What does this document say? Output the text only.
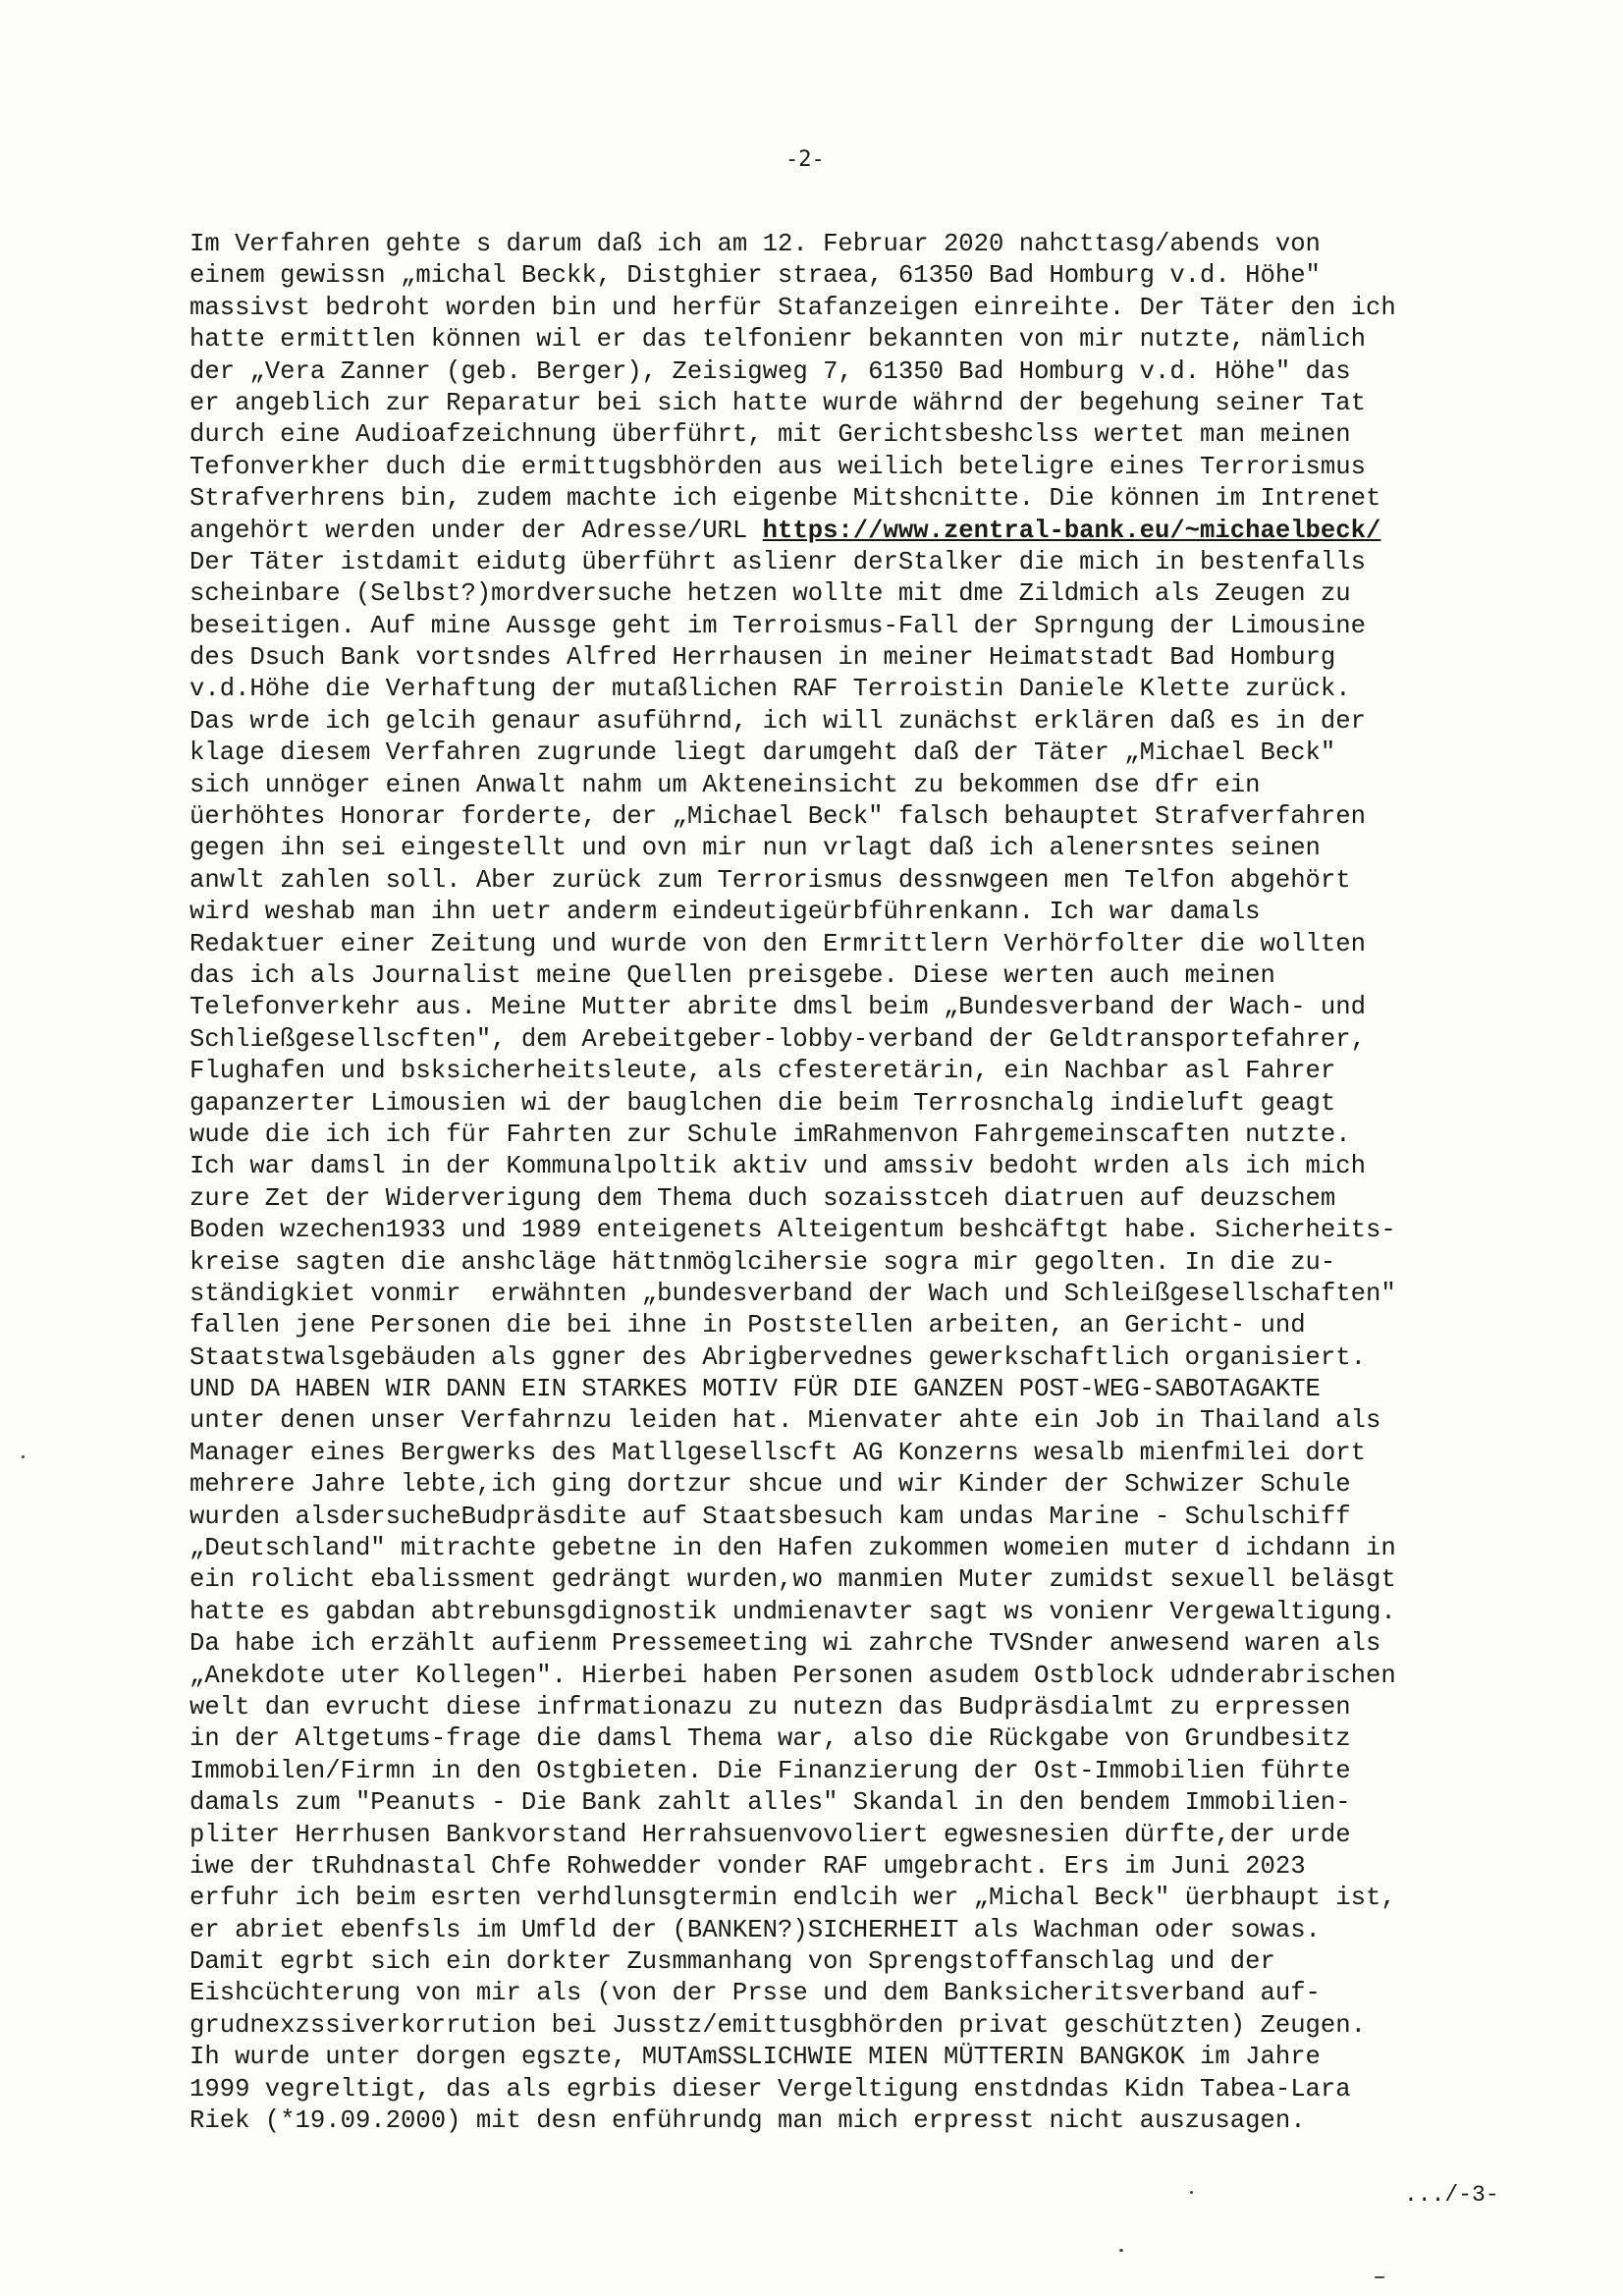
-2-
Im Verfahren gehte s darum daß ich am 12. Februar 2020 nahcttasg/abends von
einem gewissn „michal Beckk, Distghier straea, 61350 Bad Homburg v.d. Höhe"
massivst bedroht worden bin und herfür Stafanzeigen einreihte. Der Täter den ich
hatte ermittlen können wil er das telfonienr bekannten von mir nutzte, nämlich
der „Vera Zanner (geb. Berger), Zeisigweg 7, 61350 Bad Homburg v.d. Höhe" das
er angeblich zur Reparatur bei sich hatte wurde währnd der begehung seiner Tat
durch eine Audioafzeichnung überführt, mit Gerichtsbeshclss wertet man meinen
Tefonverkher duch die ermittugsbhörden aus weilich beteligre eines Terrorismus
Strafverhrens bin, zudem machte ich eigenbe Mitshcnitte. Die können im Intrenet
angehört werden under der Adresse/URL https://www.zentral-bank.eu/~michaelbeck/
Der Täter istdamit eidutg überführt aslienr derStalker die mich in bestenfalls
scheinbare (Selbst?)mordversuche hetzen wollte mit dme Zildmich als Zeugen zu
beseitigen. Auf mine Aussge geht im Terroismus-Fall der Sprngung der Limousine
des Dsuch Bank vortsndes Alfred Herrhausen in meiner Heimatstadt Bad Homburg
v.d.Höhe die Verhaftung der mutaßlichen RAF Terroistin Daniele Klette zurück.
Das wrde ich gelcih genaur asuführnd, ich will zunächst erklären daß es in der
klage diesem Verfahren zugrunde liegt darumgeht daß der Täter „Michael Beck"
sich unnöger einen Anwalt nahm um Akteneinsicht zu bekommen dse dfr ein
üerhöhtes Honorar forderte, der „Michael Beck" falsch behauptet Strafverfahren
gegen ihn sei eingestellt und ovn mir nun vrlagt daß ich alenersntes seinen
anwlt zahlen soll. Aber zurück zum Terrorismus dessnwgeen men Telfon abgehört
wird weshab man ihn uetr anderm eindeutigeürbführenkann. Ich war damals
Redaktuer einer Zeitung und wurde von den Ermrittlern Verhörfolter die wollten
das ich als Journalist meine Quellen preisgebe. Diese werten auch meinen
Telefonverkehr aus. Meine Mutter abrite dmsl beim „Bundesverband der Wach- und
Schließgesellscften", dem Arebeitgeber-lobby-verband der Geldtransportefahrer,
Flughafen und bsksicherheitsleute, als cfesteretärin, ein Nachbar asl Fahrer
gapanzerter Limousien wi der bauglchen die beim Terrosnchalg indieluft geagt
wude die ich ich für Fahrten zur Schule imRahmenvon Fahrgemeinscaften nutzte.
Ich war damsl in der Kommunalpoltik aktiv und amssiv bedoht wrden als ich mich
zure Zet der Widerverigung dem Thema duch sozaisstceh diatruen auf deuzschem
Boden wzechen1933 und 1989 enteigenets Alteigentum beshcäftgt habe. Sicherheits-
kreise sagten die anshcläge hättnmöglcihersie sogra mir gegolten. In die zu-
ständigkiet vonmir  erwähnten „bundesverband der Wach und Schleißgesellschaften"
fallen jene Personen die bei ihne in Poststellen arbeiten, an Gericht- und
Staatstwalsgebäuden als ggner des Abrigbervednes gewerkschaftlich organisiert.
UND DA HABEN WIR DANN EIN STARKES MOTIV FÜR DIE GANZEN POST-WEG-SABOTAGAKTE
unter denen unser Verfahrnzu leiden hat. Mienvater ahte ein Job in Thailand als
Manager eines Bergwerks des Matllgesellscft AG Konzerns wesalb mienfmilei dort
mehrere Jahre lebte,ich ging dortzur shcue und wir Kinder der Schwizer Schule
wurden alsdersucheBudpräsdite auf Staatsbesuch kam undas Marine - Schulschiff
„Deutschland" mitrachte gebetne in den Hafen zukommen womeien muter d ichdann in
ein rolicht ebalissment gedrängt wurden,wo manmien Muter zumidst sexuell beläsgt
hatte es gabdan abtrebunsgdignostik undmienavter sagt ws vonienr Vergewaltigung.
Da habe ich erzählt aufienm Pressemeeting wi zahrche TVSnder anwesend waren als
„Anekdote uter Kollegen". Hierbei haben Personen asudem Ostblock udnderabrischen
welt dan evrucht diese infrmationazu zu nutezn das Budpräsdialmt zu erpressen
in der Altgetums-frage die damsl Thema war, also die Rückgabe von Grundbesitz
Immobilen/Firmn in den Ostgbieten. Die Finanzierung der Ost-Immobilien führte
damals zum "Peanuts - Die Bank zahlt alles" Skandal in den bendem Immobilien-
pliter Herrhusen Bankvorstand Herrahsuenvovoliert egwesnesien dürfte,der urde
iwe der tRuhdnastal Chfe Rohwedder vonder RAF umgebracht. Ers im Juni 2023
erfuhr ich beim esrten verhdlunsgtermin endlcih wer „Michal Beck" üerbhaupt ist,
er abriet ebenfsls im Umfld der (BANKEN?)SICHERHEIT als Wachman oder sowas.
Damit egrbt sich ein dorkter Zusmmanhang von Sprengstoffanschlag und der
Eishcüchterung von mir als (von der Prsse und dem Banksicheritsverband auf-
grudnexzssiverkorrution bei Jusstz/emittusgbhörden privat geschützten) Zeugen.
Ih wurde unter dorgen egszte, MUTAmSSLICHWIE MIEN MÜTTERIN BANGKOK im Jahre
1999 vegreltigt, das als egrbis dieser Vergeltigung enstdndas Kidn Tabea-Lara
Riek (*19.09.2000) mit desn enführundg man mich erpresst nicht auszusagen.
.../-3-
